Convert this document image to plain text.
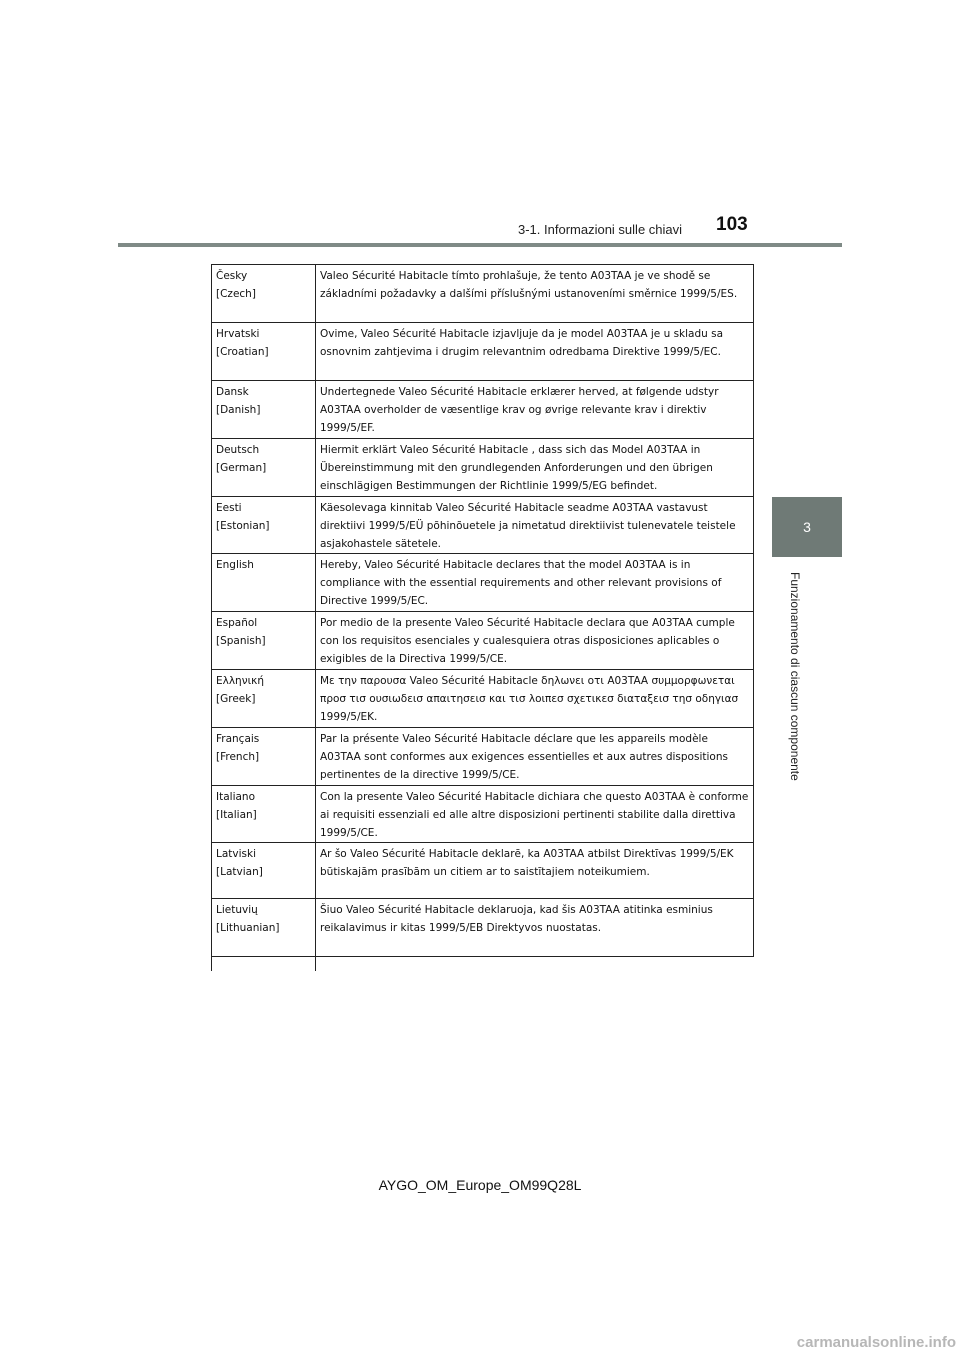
3-1. Informazioni sulle chiavi 103
3
Funzionamento di ciascun componente
Česky
[Czech]	Valeo Sécurité Habitacle tímto prohlašuje, že tento A03TAA je ve shodě se základními požadavky a dalšími příslušnými ustanoveními směrnice 1999/5/ES.

Hrvatski
[Croatian]	Ovime, Valeo Sécurité Habitacle izjavljuje da je model A03TAA je u skladu sa osnovnim zahtjevima i drugim relevantnim odredbama Direktive 1999/5/EC.

Dansk
[Danish]	Undertegnede Valeo Sécurité Habitacle erklærer herved, at følgende udstyr A03TAA overholder de væsentlige krav og øvrige relevante krav i direktiv 1999/5/EF.

Deutsch
[German]	Hiermit erklärt Valeo Sécurité Habitacle , dass sich das Model A03TAA in Übereinstimmung mit den grundlegenden Anforderungen und den übrigen einschlägigen Bestimmungen der Richtlinie 1999/5/EG befindet.

Eesti
[Estonian]	Käesolevaga kinnitab Valeo Sécurité Habitacle seadme A03TAA vastavust direktiivi 1999/5/EÜ põhinõuetele ja nimetatud direktiivist tulenevatele teistele asjakohastele sätetele.

English	Hereby, Valeo Sécurité Habitacle declares that the model A03TAA is in compliance with the essential requirements and other relevant provisions of Directive 1999/5/EC.

Español
[Spanish]	Por medio de la presente Valeo Sécurité Habitacle declara que A03TAA cumple con los requisitos esenciales y cualesquiera otras disposiciones aplicables o exigibles de la Directiva 1999/5/CE.

Ελληνική
[Greek]	Με την παρουσα Valeo Sécurité Habitacle δηλωνει οτι A03TAA συμμορφωνεται προσ τισ ουσιωδεισ απαιτησεισ και τισ λοιπεσ σχετικεσ διαταξεισ τησ οδηγιασ 1999/5/ΕΚ.

Français
[French]	Par la présente Valeo Sécurité Habitacle déclare que les appareils modèle A03TAA sont conformes aux exigences essentielles et aux autres dispositions pertinentes de la directive 1999/5/CE.

Italiano
[Italian]	Con la presente Valeo Sécurité Habitacle dichiara che questo A03TAA è conforme ai requisiti essenziali ed alle altre disposizioni pertinenti stabilite dalla direttiva 1999/5/CE.

Latviski
[Latvian]	Ar šo Valeo Sécurité Habitacle deklarē, ka A03TAA atbilst Direktīvas 1999/5/EK būtiskajām prasībām un citiem ar to saistītajiem noteikumiem.

Lietuvių
[Lithuanian]	Šiuo Valeo Sécurité Habitacle deklaruoja, kad šis A03TAA atitinka esminius reikalavimus ir kitas 1999/5/EB Direktyvos nuostatas.

AYGO_OM_Europe_OM99Q28L
carmanualsonline.info
